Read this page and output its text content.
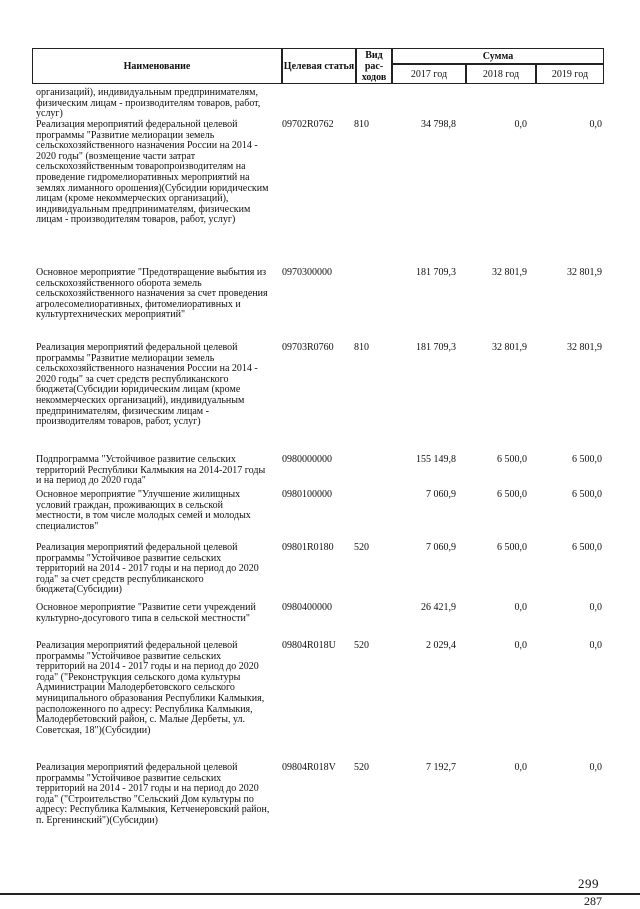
Наименование	Целевая статья
Вид рас-ходов
Сумма
2017 год	2018 год	2019 год
организаций), индивидуальным предпринимателям, физическим лицам - производителям товаров, работ, услуг)
Реализация мероприятий федеральной целевой программы "Развитие мелиорации земель сельскохозяйственного назначения России на 2014 - 2020 годы" (возмещение части затрат сельскохозяйственным товаропроизводителям на проведение гидромелиоративных мероприятий на землях лиманного орошения)(Субсидии юридическим лицам (кроме некоммерческих организаций), индивидуальным предпринимателям, физическим лицам - производителям товаров, работ, услуг)
09702R0762	810	34 798,8	0,0	0,0
Основное мероприятие "Предотвращение выбытия из сельскохозяйственного оборота земель сельскохозяйственного назначения за счет проведения агролесомелиоративных, фитомелиоративных и культуртехнических мероприятий"
0970300000	181 709,3	32 801,9	32 801,9
Реализация мероприятий федеральной целевой программы "Развитие мелиорации земель сельскохозяйственного назначения России на 2014 - 2020 годы" за счет средств республиканского бюджета(Субсидии юридическим лицам (кроме некоммерческих организаций), индивидуальным предпринимателям, физическим лицам - производителям товаров, работ, услуг)
09703R0760	810	181 709,3	32 801,9	32 801,9
Подпрограмма "Устойчивое развитие сельских территорий Республики Калмыкия на 2014-2017 годы и на период до 2020 года"
0980000000	155 149,8	6 500,0	6 500,0
Основное мероприятие "Улучшение жилищных условий граждан, проживающих в сельской местности, в том числе молодых семей и молодых специалистов"
0980100000	7 060,9	6 500,0	6 500,0
Реализация мероприятий федеральной целевой программы "Устойчивое развитие сельских территорий на 2014 - 2017 годы и на период до 2020 года" за счет средств республиканского бюджета(Субсидии)
09801R0180	520	7 060,9	6 500,0	6 500,0
Основное мероприятие "Развитие сети учреждений культурно-досугового типа в сельской местности"
0980400000	26 421,9	0,0	0,0
Реализация мероприятий федеральной целевой программы "Устойчивое развитие сельских территорий на 2014 - 2017 годы и на период до 2020 года" ("Реконструкция сельского дома культуры Администрации Малодербетовского сельского муниципального образования Республики Калмыкия, расположенного по адресу: Республика Калмыкия, Малодербетовский район, с. Малые Дербеты, ул. Советская, 18")(Субсидии)
09804R018U	520	2 029,4	0,0	0,0
Реализация мероприятий федеральной целевой программы "Устойчивое развитие сельских территорий на 2014 - 2017 годы и на период до 2020 года" ("Строительство "Сельский Дом культуры по адресу: Республика Калмыкия, Кетченеровский район, п. Ергенинский")(Субсидии)
09804R018V	520	7 192,7	0,0	0,0
299
287
